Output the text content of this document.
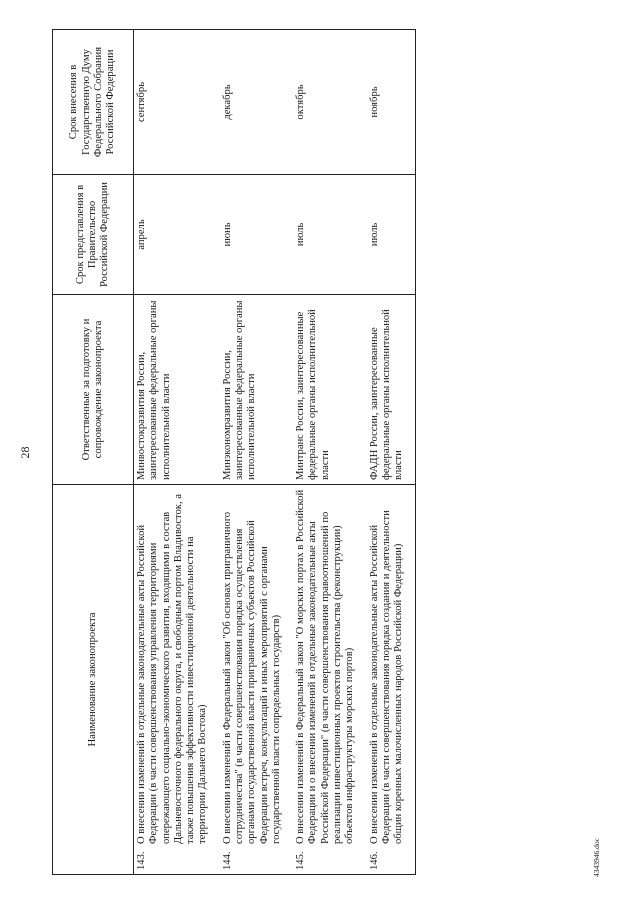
28
Наименование законопроекта	Ответственные за подготовку и сопровождение законопроекта	Срок представления в Правительство Российской Федерации	Срок внесения в Государственную Думу Федерального Собрания Российской Федерации

143.
О внесении изменений в отдельные законодательные акты Российской Федерации (в части совершенствования управления территориями опережающего социально-экономического развития, входящими в состав Дальневосточного федерального округа, и свободным портом Владивосток, а также повышения эффективности инвестиционной деятельности на территории Дальнего Востока)	Минвостокразвития России, заинтересованные федеральные органы исполнительной власти	апрель	сентябрь

144.
О внесении изменений в Федеральный закон "Об основах приграничного сотрудничества" (в части совершенствования порядка осуществления органами государственной власти приграничных субъектов Российской Федерации встреч, консультаций и иных мероприятий с органами государственной власти сопредельных государств)	Минэкономразвития России, заинтересованные федеральные органы исполнительной власти	июнь	декабрь

145.
О внесении изменений в Федеральный закон "О морских портах в Российской Федерации и о внесении изменений в отдельные законодательные акты Российской Федерации" (в части совершенствования правоотношений по реализации инвестиционных проектов строительства (реконструкции) объектов инфраструктуры морских портов)	Минтранс России, заинтересованные федеральные органы исполнительной власти	июль	октябрь

146.
О внесении изменений в отдельные законодательные акты Российской Федерации (в части совершенствования порядка создания и деятельности общин коренных малочисленных народов Российской Федерации)	ФАДН России, заинтересованные федеральные органы исполнительной власти	июль	ноябрь
4343946.doc
